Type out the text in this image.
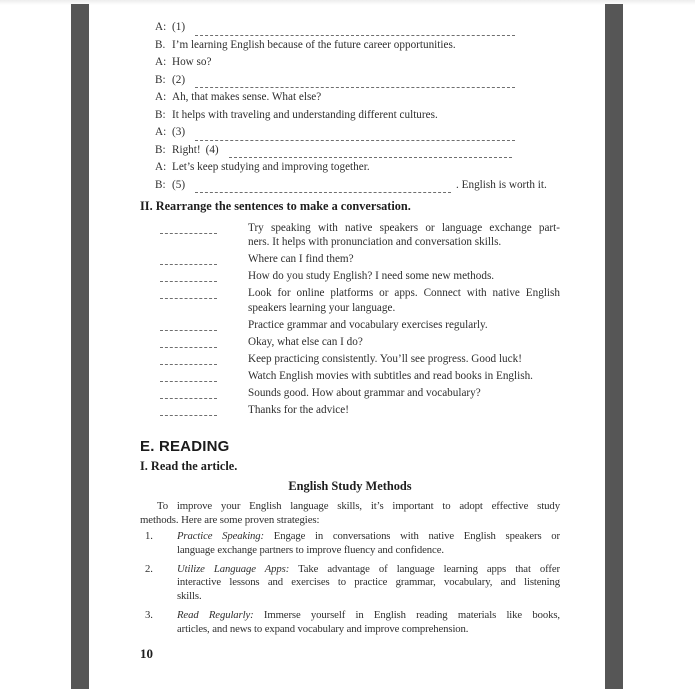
A: (1)
B. I’m learning English because of the future career opportunities.
A: How so?
B: (2)
A: Ah, that makes sense. What else?
B: It helps with traveling and understanding different cultures.
A: (3)
B: Right! (4)
A: Let’s keep studying and improving together.
B: (5)	. English is worth it.
II. Rearrange the sentences to make a conversation.
Try speaking with native speakers or language exchange part-
ners. It helps with pronunciation and conversation skills.
Where can I find them?
How do you study English? I need some new methods.
Look for online platforms or apps. Connect with native English
speakers learning your language.
Practice grammar and vocabulary exercises regularly.
Okay, what else can I do?
Keep practicing consistently. You’ll see progress. Good luck!
Watch English movies with subtitles and read books in English.
Sounds good. How about grammar and vocabulary?
Thanks for the advice!
E. READING
I. Read the article.
English Study Methods
To improve your English language skills, it’s important to adopt effective study
methods. Here are some proven strategies:
1.	Practice Speaking: Engage in conversations with native English speakers or
language exchange partners to improve fluency and confidence.
2.	Utilize Language Apps: Take advantage of language learning apps that offer
interactive lessons and exercises to practice grammar, vocabulary, and listening
skills.
3.	Read Regularly: Immerse yourself in English reading materials like books,
articles, and news to expand vocabulary and improve comprehension.
10
